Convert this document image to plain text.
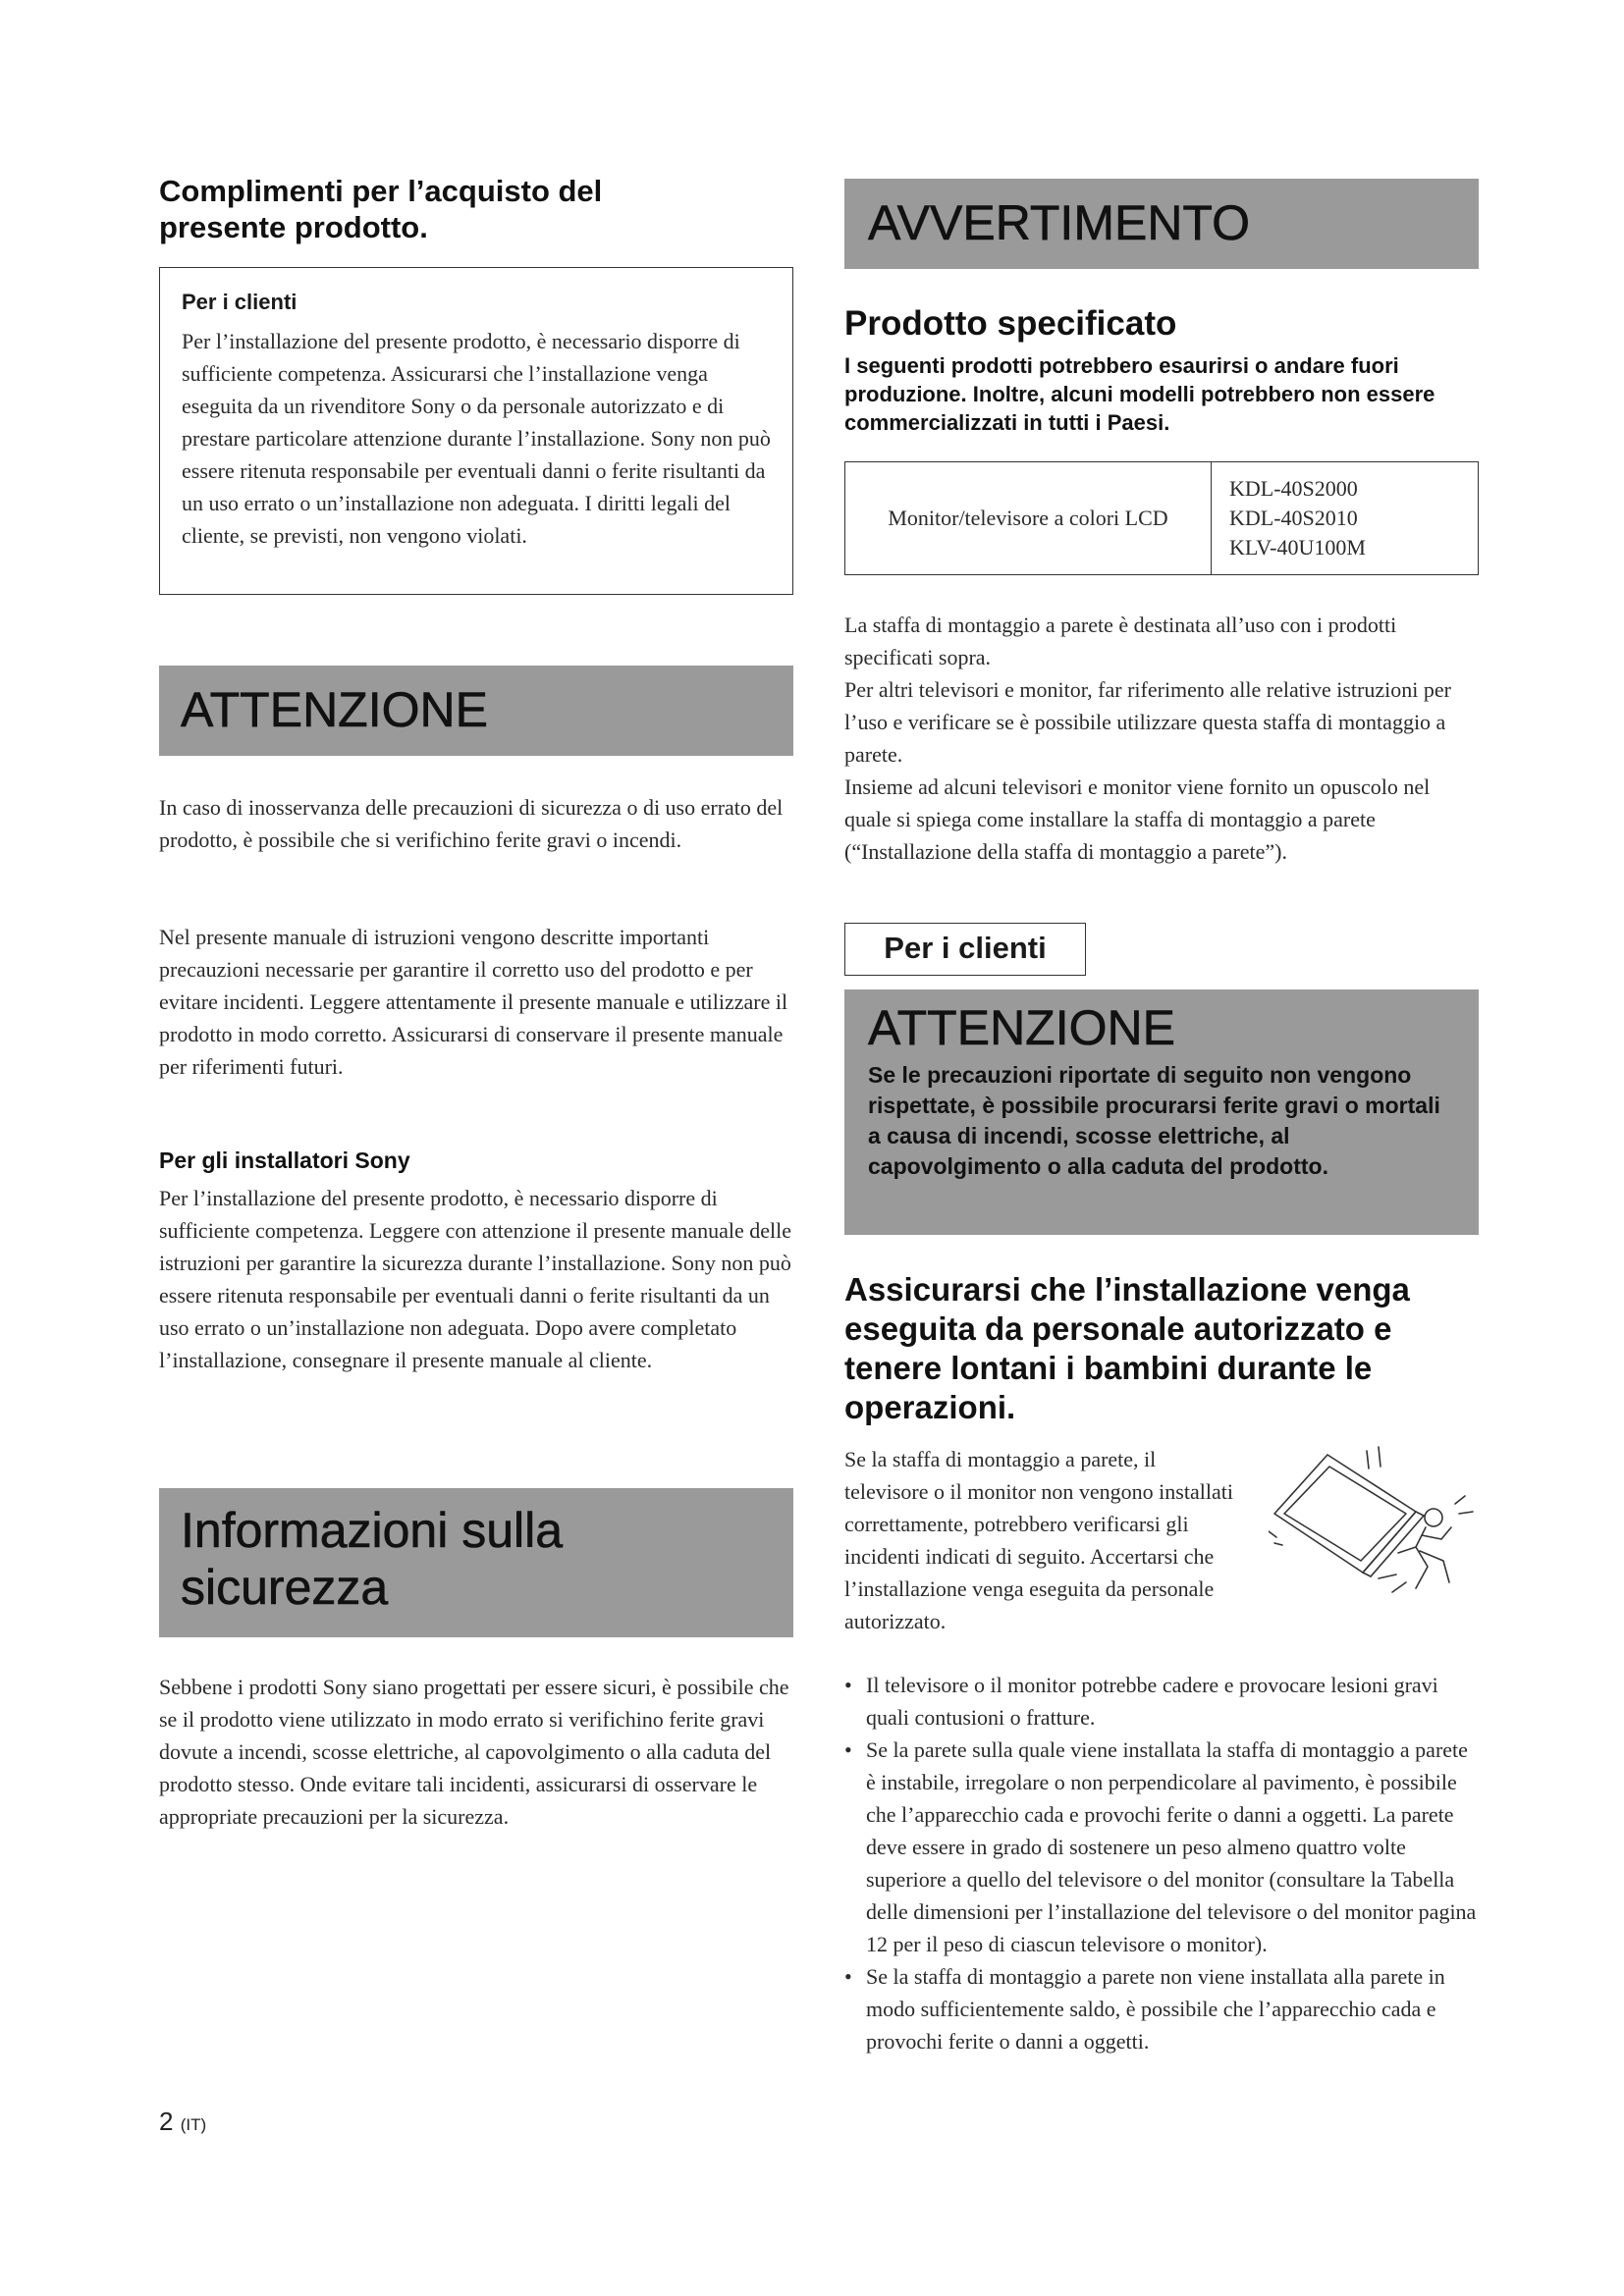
Complimenti per l’acquisto del presente prodotto.
Per i clienti

Per l’installazione del presente prodotto, è necessario disporre di sufficiente competenza. Assicurarsi che l’installazione venga eseguita da un rivenditore Sony o da personale autorizzato e di prestare particolare attenzione durante l’installazione. Sony non può essere ritenuta responsabile per eventuali danni o ferite risultanti da un uso errato o un’installazione non adeguata. I diritti legali del cliente, se previsti, non vengono violati.

ATTENZIONE

In caso di inosservanza delle precauzioni di sicurezza o di uso errato del prodotto, è possibile che si verifichino ferite gravi o incendi.

Nel presente manuale di istruzioni vengono descritte importanti precauzioni necessarie per garantire il corretto uso del prodotto e per evitare incidenti. Leggere attentamente il presente manuale e utilizzare il prodotto in modo corretto. Assicurarsi di conservare il presente manuale per riferimenti futuri.

Per gli installatori Sony

Per l’installazione del presente prodotto, è necessario disporre di sufficiente competenza. Leggere con attenzione il presente manuale delle istruzioni per garantire la sicurezza durante l’installazione. Sony non può essere ritenuta responsabile per eventuali danni o ferite risultanti da un uso errato o un’installazione non adeguata. Dopo avere completato l’installazione, consegnare il presente manuale al cliente.

Informazioni sulla sicurezza

Sebbene i prodotti Sony siano progettati per essere sicuri, è possibile che se il prodotto viene utilizzato in modo errato si verifichino ferite gravi dovute a incendi, scosse elettriche, al capovolgimento o alla caduta del prodotto stesso. Onde evitare tali incidenti, assicurarsi di osservare le appropriate precauzioni per la sicurezza.

AVVERTIMENTO
Prodotto specificato

I seguenti prodotti potrebbero esaurirsi o andare fuori produzione. Inoltre, alcuni modelli potrebbero non essere commercializzati in tutti i Paesi.

Monitor/televisore a colori LCD	
KDL-40S2000
KDL-40S2010
KLV-40U100M

La staffa di montaggio a parete è destinata all’uso con i prodotti specificati sopra.

Per altri televisori e monitor, far riferimento alle relative istruzioni per l’uso e verificare se è possibile utilizzare questa staffa di montaggio a parete.

Insieme ad alcuni televisori e monitor viene fornito un opuscolo nel quale si spiega come installare la staffa di montaggio a parete (“Installazione della staffa di montaggio a parete”).

Per i clienti
ATTENZIONE

Se le precauzioni riportate di seguito non vengono rispettate, è possibile procurarsi ferite gravi o mortali a causa di incendi, scosse elettriche, al capovolgimento o alla caduta del prodotto.

Assicurarsi che l’installazione venga eseguita da personale autorizzato e tenere lontani i bambini durante le operazioni.

Se la staffa di montaggio a parete, il televisore o il monitor non vengono installati correttamente, potrebbero verificarsi gli incidenti indicati di seguito. Accertarsi che l’installazione venga eseguita da personale autorizzato.

• Il televisore o il monitor potrebbe cadere e provocare lesioni gravi quali contusioni o fratture.
• Se la parete sulla quale viene installata la staffa di montaggio a parete è instabile, irregolare o non perpendicolare al pavimento, è possibile che l’apparecchio cada e provochi ferite o danni a oggetti. La parete deve essere in grado di sostenere un peso almeno quattro volte superiore a quello del televisore o del monitor (consultare la Tabella delle dimensioni per l’installazione del televisore o del monitor pagina 12 per il peso di ciascun televisore o monitor).
• Se la staffa di montaggio a parete non viene installata alla parete in modo sufficientemente saldo, è possibile che l’apparecchio cada e provochi ferite o danni a oggetti.
2 (IT)
